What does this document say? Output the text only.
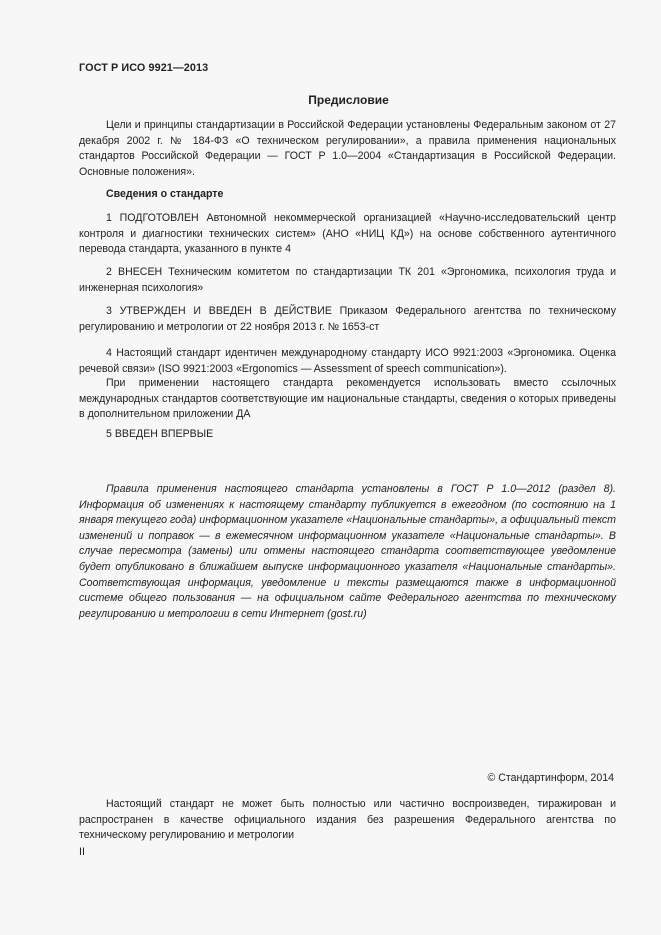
ГОСТ Р ИСО 9921—2013
Предисловие

Цели и принципы стандартизации в Российской Федерации установлены Федеральным законом от 27 декабря 2002 г. № 184-ФЗ «О техническом регулировании», а правила применения национальных стандартов Российской Федерации — ГОСТ Р 1.0—2004 «Стандартизация в Российской Федерации. Основные положения».

Сведения о стандарте

1 ПОДГОТОВЛЕН Автономной некоммерческой организацией «Научно-исследовательский центр контроля и диагностики технических систем» (АНО «НИЦ КД») на основе собственного аутентичного перевода стандарта, указанного в пункте 4

2 ВНЕСЕН Техническим комитетом по стандартизации ТК 201 «Эргономика, психология труда и инженерная психология»

3 УТВЕРЖДЕН И ВВЕДЕН В ДЕЙСТВИЕ Приказом Федерального агентства по техническому регулированию и метрологии от 22 ноября 2013 г. № 1653-ст

4 Настоящий стандарт идентичен международному стандарту ИСО 9921:2003 «Эргономика. Оценка речевой связи» (ISO 9921:2003 «Ergonomics — Assessment of speech communication»).

При применении настоящего стандарта рекомендуется использовать вместо ссылочных международных стандартов соответствующие им национальные стандарты, сведения о которых приведены в дополнительном приложении ДА

5 ВВЕДЕН ВПЕРВЫЕ

Правила применения настоящего стандарта установлены в ГОСТ Р 1.0—2012 (раздел 8). Информация об изменениях к настоящему стандарту публикуется в ежегодном (по состоянию на 1 января текущего года) информационном указателе «Национальные стандарты», а официальный текст изменений и поправок — в ежемесячном информационном указателе «Национальные стандарты». В случае пересмотра (замены) или отмены настоящего стандарта соответствующее уведомление будет опубликовано в ближайшем выпуске информационного указателя «Национальные стандарты». Соответствующая информация, уведомление и тексты размещаются также в информационной системе общего пользования — на официальном сайте Федерального агентства по техническому регулированию и метрологии в сети Интернет (gost.ru)

© Стандартинформ, 2014

Настоящий стандарт не может быть полностью или частично воспроизведен, тиражирован и распространен в качестве официального издания без разрешения Федерального агентства по техническому регулированию и метрологии

II
